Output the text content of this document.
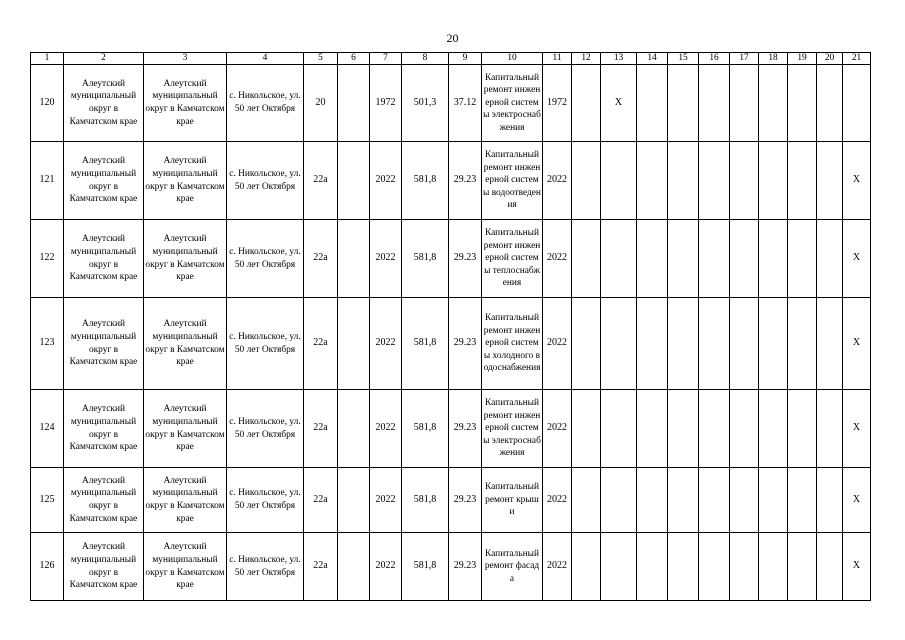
20
1	2	3	4	5	6	7	8	9	10	11	12	13	14	15	16	17	18	19	20	21
120	Алеутский муниципальный округ в Камчатском крае	Алеутский муниципальный округ в Камчатском крае	с. Никольское, ул. 50 лет Октября	20		1972	501,3	37.12	Капитальный ремонт инженерной системы электроснабжения	1972		X								
121	Алеутский муниципальный округ в Камчатском крае	Алеутский муниципальный округ в Камчатском крае	с. Никольское, ул. 50 лет Октября	22а		2022	581,8	29.23	Капитальный ремонт инженерной системы водоотведения	2022										X
122	Алеутский муниципальный округ в Камчатском крае	Алеутский муниципальный округ в Камчатском крае	с. Никольское, ул. 50 лет Октября	22а		2022	581,8	29.23	Капитальный ремонт инженерной системы теплоснабжения	2022										X
123	Алеутский муниципальный округ в Камчатском крае	Алеутский муниципальный округ в Камчатском крае	с. Никольское, ул. 50 лет Октября	22а		2022	581,8	29.23	Капитальный ремонт инженерной системы холодного водоснабжения	2022										X
124	Алеутский муниципальный округ в Камчатском крае	Алеутский муниципальный округ в Камчатском крае	с. Никольское, ул. 50 лет Октября	22а		2022	581,8	29.23	Капитальный ремонт инженерной системы электроснабжения	2022										X
125	Алеутский муниципальный округ в Камчатском крае	Алеутский муниципальный округ в Камчатском крае	с. Никольское, ул. 50 лет Октября	22а		2022	581,8	29.23	Капитальный ремонт крыши	2022										X
126	Алеутский муниципальный округ в Камчатском крае	Алеутский муниципальный округ в Камчатском крае	с. Никольское, ул. 50 лет Октября	22а		2022	581,8	29.23	Капитальный ремонт фасада	2022										X
